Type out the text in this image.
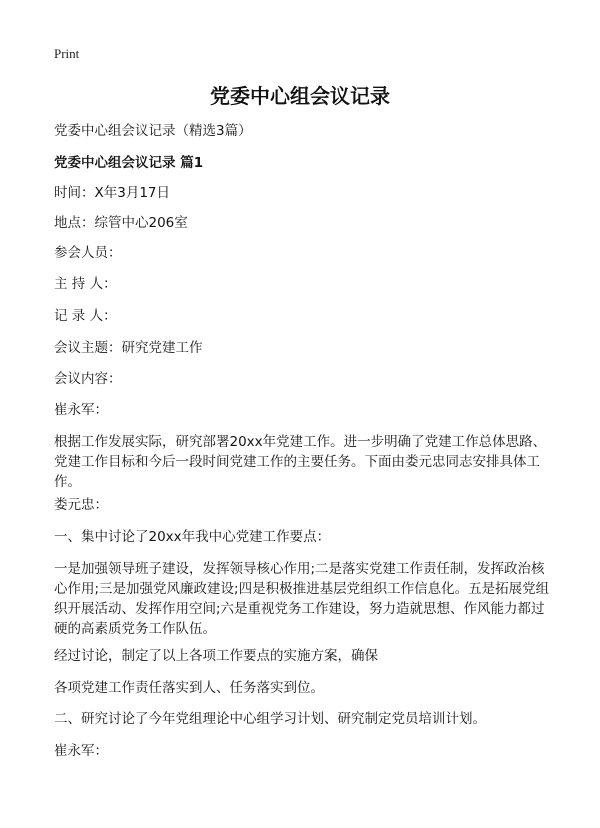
Print
党委中心组会议记录

党委中心组会议记录（精选3篇）

党委中心组会议记录 篇1

时间：X年3月17日

地点：综管中心206室

参会人员：

主 持 人：

记 录 人：

会议主题：研究党建工作

会议内容：

崔永军：

根据工作发展实际，研究部署20xx年党建工作。进一步明确了党建工作总体思路、党建工作目标和今后一段时间党建工作的主要任务。下面由娄元忠同志安排具体工作。

娄元忠：

一、集中讨论了20xx年我中心党建工作要点：

一是加强领导班子建设，发挥领导核心作用;二是落实党建工作责任制，发挥政治核心作用;三是加强党风廉政建设;四是积极推进基层党组织工作信息化。五是拓展党组织开展活动、发挥作用空间;六是重视党务工作建设，努力造就思想、作风能力都过硬的高素质党务工作队伍。

经过讨论，制定了以上各项工作要点的实施方案，确保

各项党建工作责任落实到人、任务落实到位。

二、研究讨论了今年党组理论中心组学习计划、研究制定党员培训计划。

崔永军：
